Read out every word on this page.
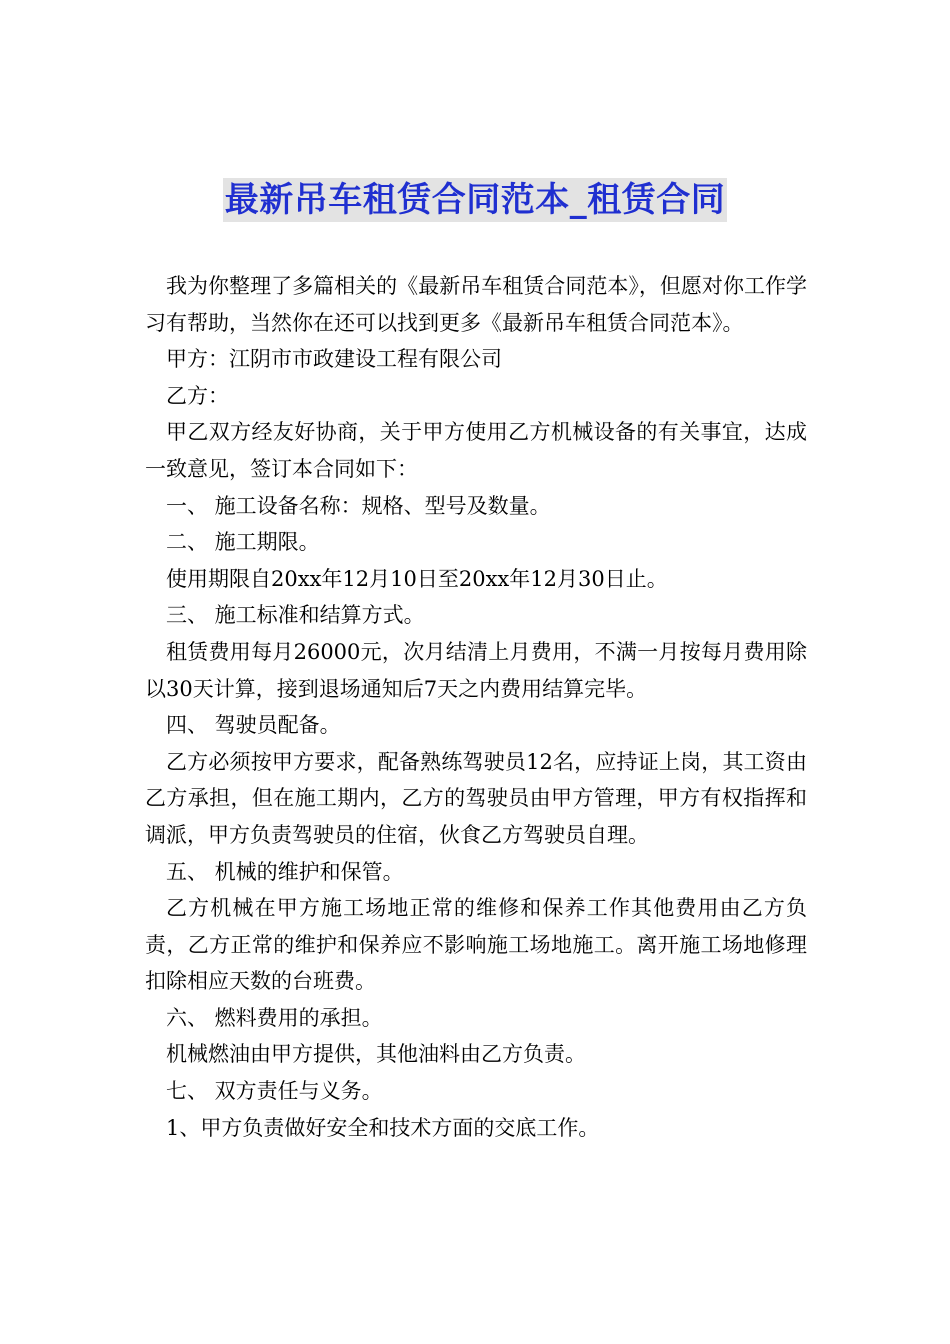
最新吊车租赁合同范本_租赁合同

我为你整理了多篇相关的《最新吊车租赁合同范本》，但愿对你工作学习有帮助，当然你在还可以找到更多《最新吊车租赁合同范本》。

甲方：江阴市市政建设工程有限公司

乙方：

甲乙双方经友好协商，关于甲方使用乙方机械设备的有关事宜，达成一致意见，签订本合同如下：

一、 施工设备名称：规格、型号及数量。

二、 施工期限。

使用期限自20xx年12月10日至20xx年12月30日止。

三、 施工标准和结算方式。

租赁费用每月26000元，次月结清上月费用，不满一月按每月费用除以30天计算，接到退场通知后7天之内费用结算完毕。

四、 驾驶员配备。

乙方必须按甲方要求，配备熟练驾驶员12名，应持证上岗，其工资由乙方承担，但在施工期内，乙方的驾驶员由甲方管理，甲方有权指挥和调派，甲方负责驾驶员的住宿，伙食乙方驾驶员自理。

五、 机械的维护和保管。

乙方机械在甲方施工场地正常的维修和保养工作其他费用由乙方负责，乙方正常的维护和保养应不影响施工场地施工。离开施工场地修理扣除相应天数的台班费。

六、 燃料费用的承担。

机械燃油由甲方提供，其他油料由乙方负责。

七、 双方责任与义务。

1、甲方负责做好安全和技术方面的交底工作。
